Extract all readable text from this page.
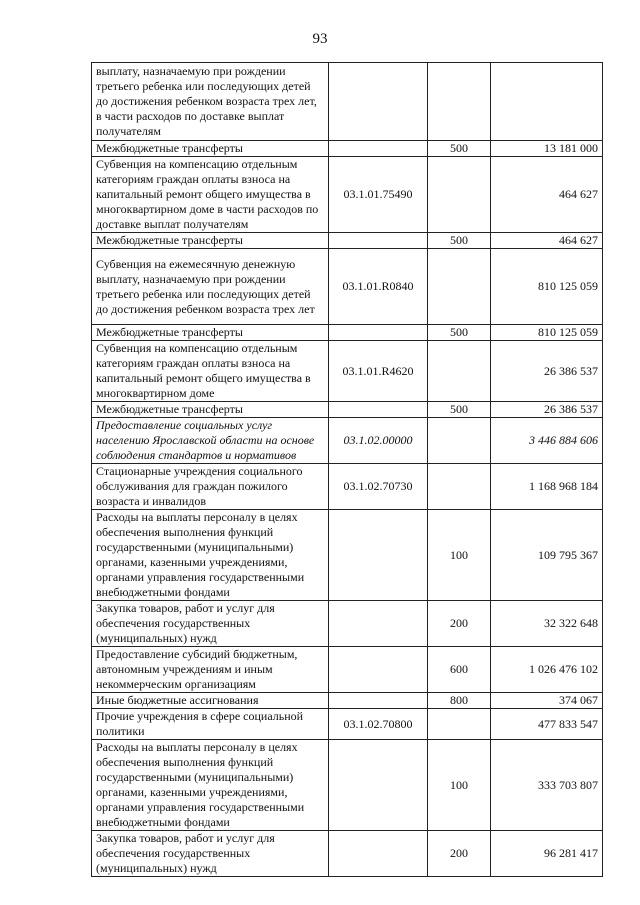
93
выплату, назначаемую при рождении третьего ребенка или последующих детей до достижения ребенком возраста трех лет, в части расходов по доставке выплат получателям			
Межбюджетные трансферты		500	13 181 000
Субвенция на компенсацию отдельным категориям граждан оплаты взноса на капитальный ремонт общего имущества в многоквартирном доме в части расходов по доставке выплат получателям	03.1.01.75490		464 627
Межбюджетные трансферты		500	464 627
Субвенция на ежемесячную денежную выплату, назначаемую при рождении третьего ребенка или последующих детей до достижения ребенком возраста трех лет	03.1.01.R0840		810 125 059
Межбюджетные трансферты		500	810 125 059
Субвенция на компенсацию отдельным категориям граждан оплаты взноса на капитальный ремонт общего имущества в многоквартирном доме	03.1.01.R4620		26 386 537
Межбюджетные трансферты		500	26 386 537
Предоставление социальных услуг населению Ярославской области на основе соблюдения стандартов и нормативов	03.1.02.00000		3 446 884 606
Стационарные учреждения социального обслуживания для граждан пожилого возраста и инвалидов	03.1.02.70730		1 168 968 184
Расходы на выплаты персоналу в целях обеспечения выполнения функций государственными (муниципальными) органами, казенными учреждениями, органами управления государственными внебюджетными фондами		100	109 795 367
Закупка товаров, работ и услуг для обеспечения государственных (муниципальных) нужд		200	32 322 648
Предоставление субсидий бюджетным, автономным учреждениям и иным некоммерческим организациям		600	1 026 476 102
Иные бюджетные ассигнования		800	374 067
Прочие учреждения в сфере социальной политики	03.1.02.70800		477 833 547
Расходы на выплаты персоналу в целях обеспечения выполнения функций государственными (муниципальными) органами, казенными учреждениями, органами управления государственными внебюджетными фондами		100	333 703 807
Закупка товаров, работ и услуг для обеспечения государственных (муниципальных) нужд		200	96 281 417
